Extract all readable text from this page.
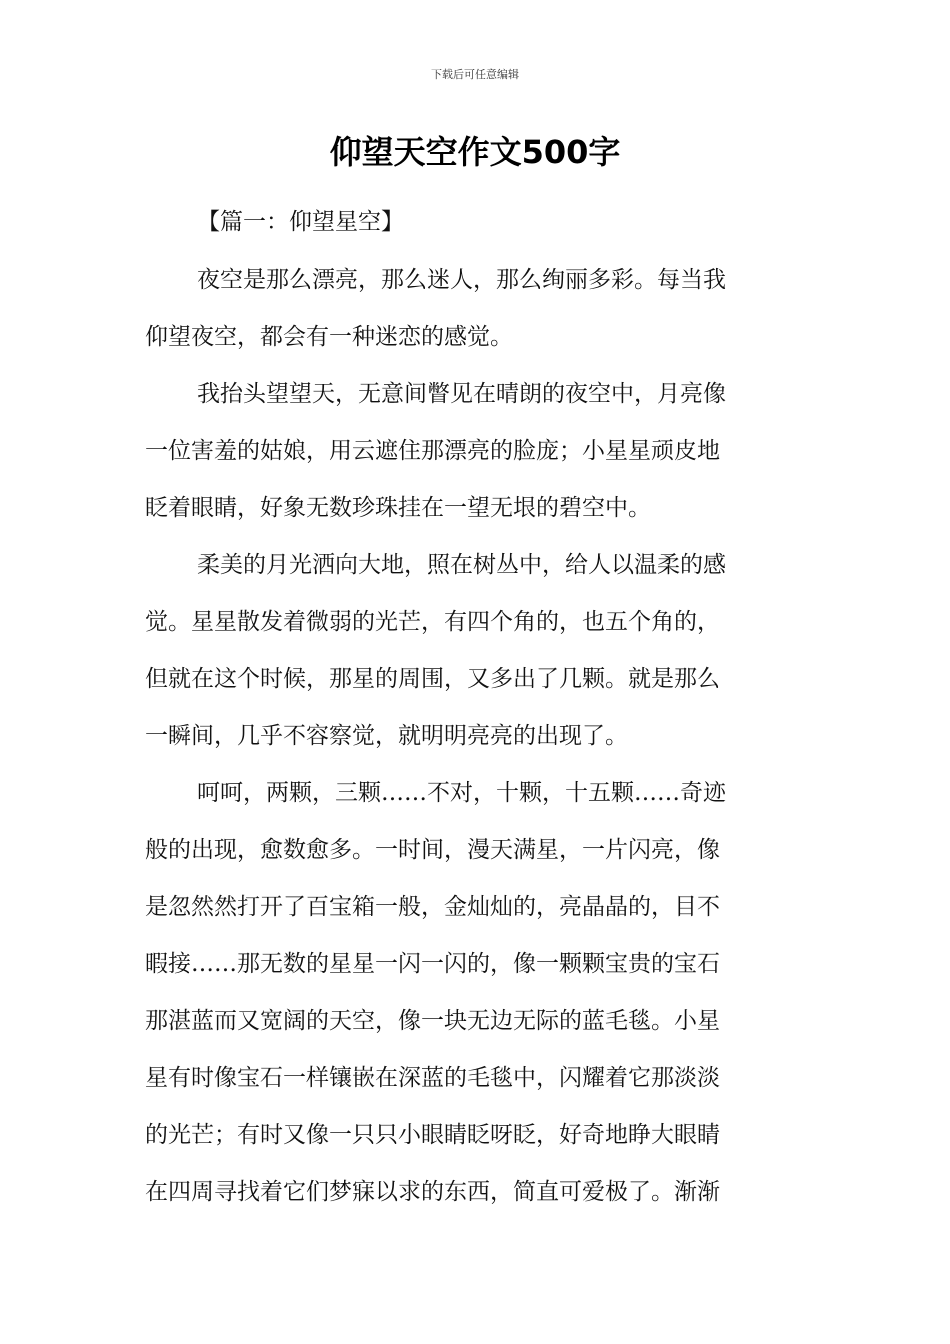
下载后可任意编辑
仰望天空作文500字
【篇一：仰望星空】
夜空是那么漂亮，那么迷人，那么绚丽多彩。每当我
仰望夜空，都会有一种迷恋的感觉。
我抬头望望天，无意间瞥见在晴朗的夜空中，月亮像
一位害羞的姑娘，用云遮住那漂亮的脸庞；小星星顽皮地
眨着眼睛，好象无数珍珠挂在一望无垠的碧空中。
柔美的月光洒向大地，照在树丛中，给人以温柔的感
觉。星星散发着微弱的光芒，有四个角的，也五个角的，
但就在这个时候，那星的周围，又多出了几颗。就是那么
一瞬间，几乎不容察觉，就明明亮亮的出现了。
呵呵，两颗，三颗……不对，十颗，十五颗……奇迹
般的出现，愈数愈多。一时间，漫天满星，一片闪亮，像
是忽然然打开了百宝箱一般，金灿灿的，亮晶晶的，目不
暇接……那无数的星星一闪一闪的，像一颗颗宝贵的宝石
那湛蓝而又宽阔的天空，像一块无边无际的蓝毛毯。小星
星有时像宝石一样镶嵌在深蓝的毛毯中，闪耀着它那淡淡
的光芒；有时又像一只只小眼睛眨呀眨，好奇地睁大眼睛
在四周寻找着它们梦寐以求的东西，简直可爱极了。渐渐
